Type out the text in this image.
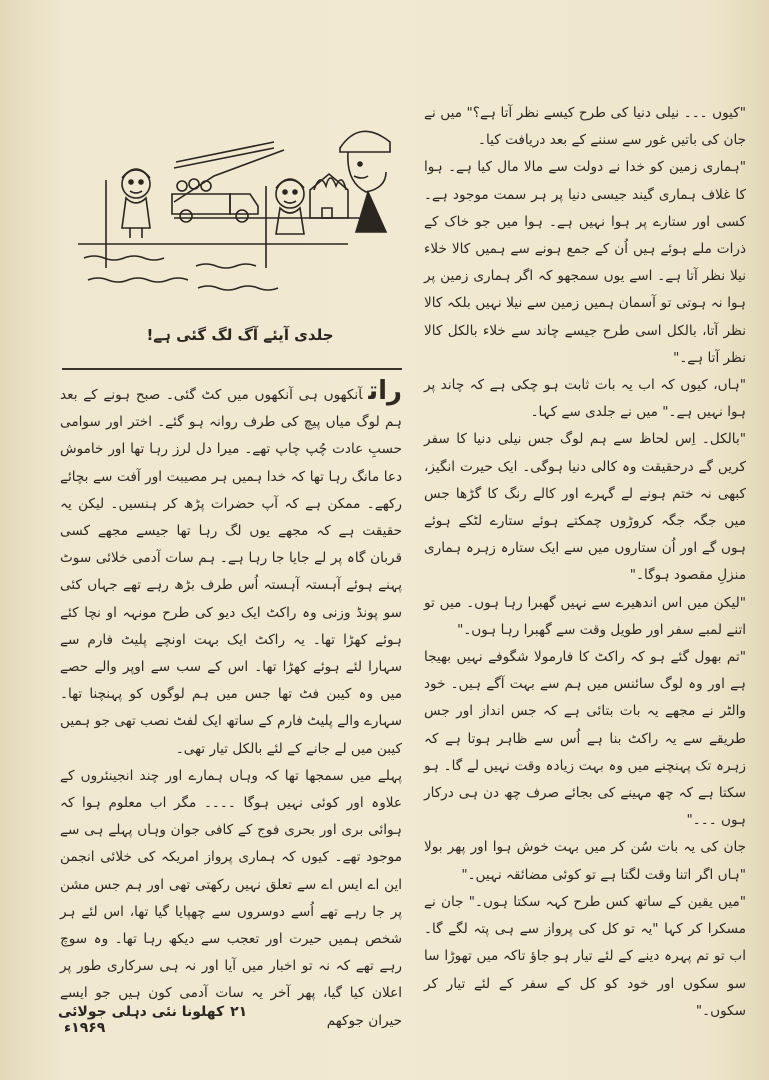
جلدی آیئے آگ لگ گئی ہے!

"کیوں ۔۔۔ نیلی دنیا کی طرح کیسے نظر آتا ہے؟" میں نے جان کی باتیں غور سے سننے کے بعد دریافت کیا۔

"ہماری زمین کو خدا نے دولت سے مالا مال کیا ہے۔ ہوا کا غلاف ہماری گیند جیسی دنیا پر ہر سمت موجود ہے۔ کسی اور ستارے پر ہوا نہیں ہے۔ ہوا میں جو خاک کے ذرات ملے ہوئے ہیں اُن کے جمع ہونے سے ہمیں کالا خلاء نیلا نظر آتا ہے۔ اسے یوں سمجھو کہ اگر ہماری زمین پر ہوا نہ ہوتی تو آسمان ہمیں زمین سے نیلا نہیں بلکہ کالا نظر آتا، بالکل اسی طرح جیسے چاند سے خلاء بالکل کالا نظر آتا ہے۔"

"ہاں، کیوں کہ اب یہ بات ثابت ہو چکی ہے کہ چاند پر ہوا نہیں ہے۔" میں نے جلدی سے کہا۔

"بالکل۔ اِس لحاظ سے ہم لوگ جس نیلی دنیا کا سفر کریں گے درحقیقت وہ کالی دنیا ہوگی۔ ایک حیرت انگیز، کبھی نہ ختم ہونے لے گہرے اور کالے رنگ کا گڑھا جس میں جگہ جگہ کروڑوں چمکتے ہوئے ستارے لٹکے ہوئے ہوں گے اور اُن ستاروں میں سے ایک ستارہ زہرہ ہماری منزلِ مقصود ہوگا۔"

"لیکن میں اس اندھیرے سے نہیں گھبرا رہا ہوں۔ میں تو اتنے لمبے سفر اور طویل وقت سے گھبرا رہا ہوں۔"

"تم بھول گئے ہو کہ راکٹ کا فارمولا شگوفے نہیں بھیجا ہے اور وہ لوگ سائنس میں ہم سے بہت آگے ہیں۔ خود والٹر نے مجھے یہ بات بتائی ہے کہ جس انداز اور جس طریقے سے یہ راکٹ بنا ہے اُس سے ظاہر ہوتا ہے کہ زہرہ تک پہنچنے میں وہ بہت زیادہ وقت نہیں لے گا۔ ہو سکتا ہے کہ چھ مہینے کی بجائے صرف چھ دن ہی درکار ہوں ۔۔۔"

جان کی یہ بات سُن کر میں بہت خوش ہوا اور پھر بولا "ہاں اگر اتنا وقت لگتا ہے تو کوئی مضائقہ نہیں۔"

"میں یقین کے ساتھ کس طرح کہہ سکتا ہوں۔" جان نے مسکرا کر کہا "یہ تو کل کی پرواز سے ہی پتہ لگے گا۔ اب تو تم پہرہ دینے کے لئے تیار ہو جاؤ تاکہ میں تھوڑا سا سو سکوں اور خود کو کل کے سفر کے لئے تیار کر سکوں۔"

راتآنکھوں ہی آنکھوں میں کٹ گئی۔ صبح ہونے کے بعد ہم لوگ میاں پیچ کی طرف روانہ ہو گئے۔ اختر اور سوامی حسبِ عادت چُپ چاپ تھے۔ میرا دل لرز رہا تھا اور خاموش دعا مانگ رہا تھا کہ خدا ہمیں ہر مصیبت اور آفت سے بچائے رکھے۔ ممکن ہے کہ آپ حضرات پڑھ کر ہنسیں۔ لیکن یہ حقیقت ہے کہ مجھے یوں لگ رہا تھا جیسے مجھے کسی قربان گاہ پر لے جایا جا رہا ہے۔ ہم سات آدمی خلائی سوٹ پہنے ہوئے آہستہ آہستہ اُس طرف بڑھ رہے تھے جہاں کئی سو پونڈ وزنی وہ راکٹ ایک دیو کی طرح مونہہ او نچا کئے ہوئے کھڑا تھا۔ یہ راکٹ ایک بہت اونچے پلیٹ فارم سے سہارا لئے ہوئے کھڑا تھا۔ اس کے سب سے اوپر والے حصے میں وہ کیبن فٹ تھا جس میں ہم لوگوں کو پہنچنا تھا۔ سہارے والے پلیٹ فارم کے ساتھ ایک لفٹ نصب تھی جو ہمیں کیبن میں لے جانے کے لئے بالکل تیار تھی۔

پہلے میں سمجھا تھا کہ وہاں ہمارے اور چند انجینئروں کے علاوہ اور کوئی نہیں ہوگا ۔۔۔۔ مگر اب معلوم ہوا کہ ہوائی بری اور بحری فوج کے کافی جوان وہاں پہلے ہی سے موجود تھے۔ کیوں کہ ہماری پرواز امریکہ کی خلائی انجمن این اے ایس اے سے تعلق نہیں رکھتی تھی اور ہم جس مشن پر جا رہے تھے اُسے دوسروں سے چھپایا گیا تھا، اس لئے ہر شخص ہمیں حیرت اور تعجب سے دیکھ رہا تھا۔ وہ سوچ رہے تھے کہ نہ تو اخبار میں آیا اور نہ ہی سرکاری طور پر اعلان کیا گیا، پھر آخر یہ سات آدمی کون ہیں جو ایسے حیران جوکھم

۲۱کھلونا نئی دہلی جولائی ۱۹۶۹ء
